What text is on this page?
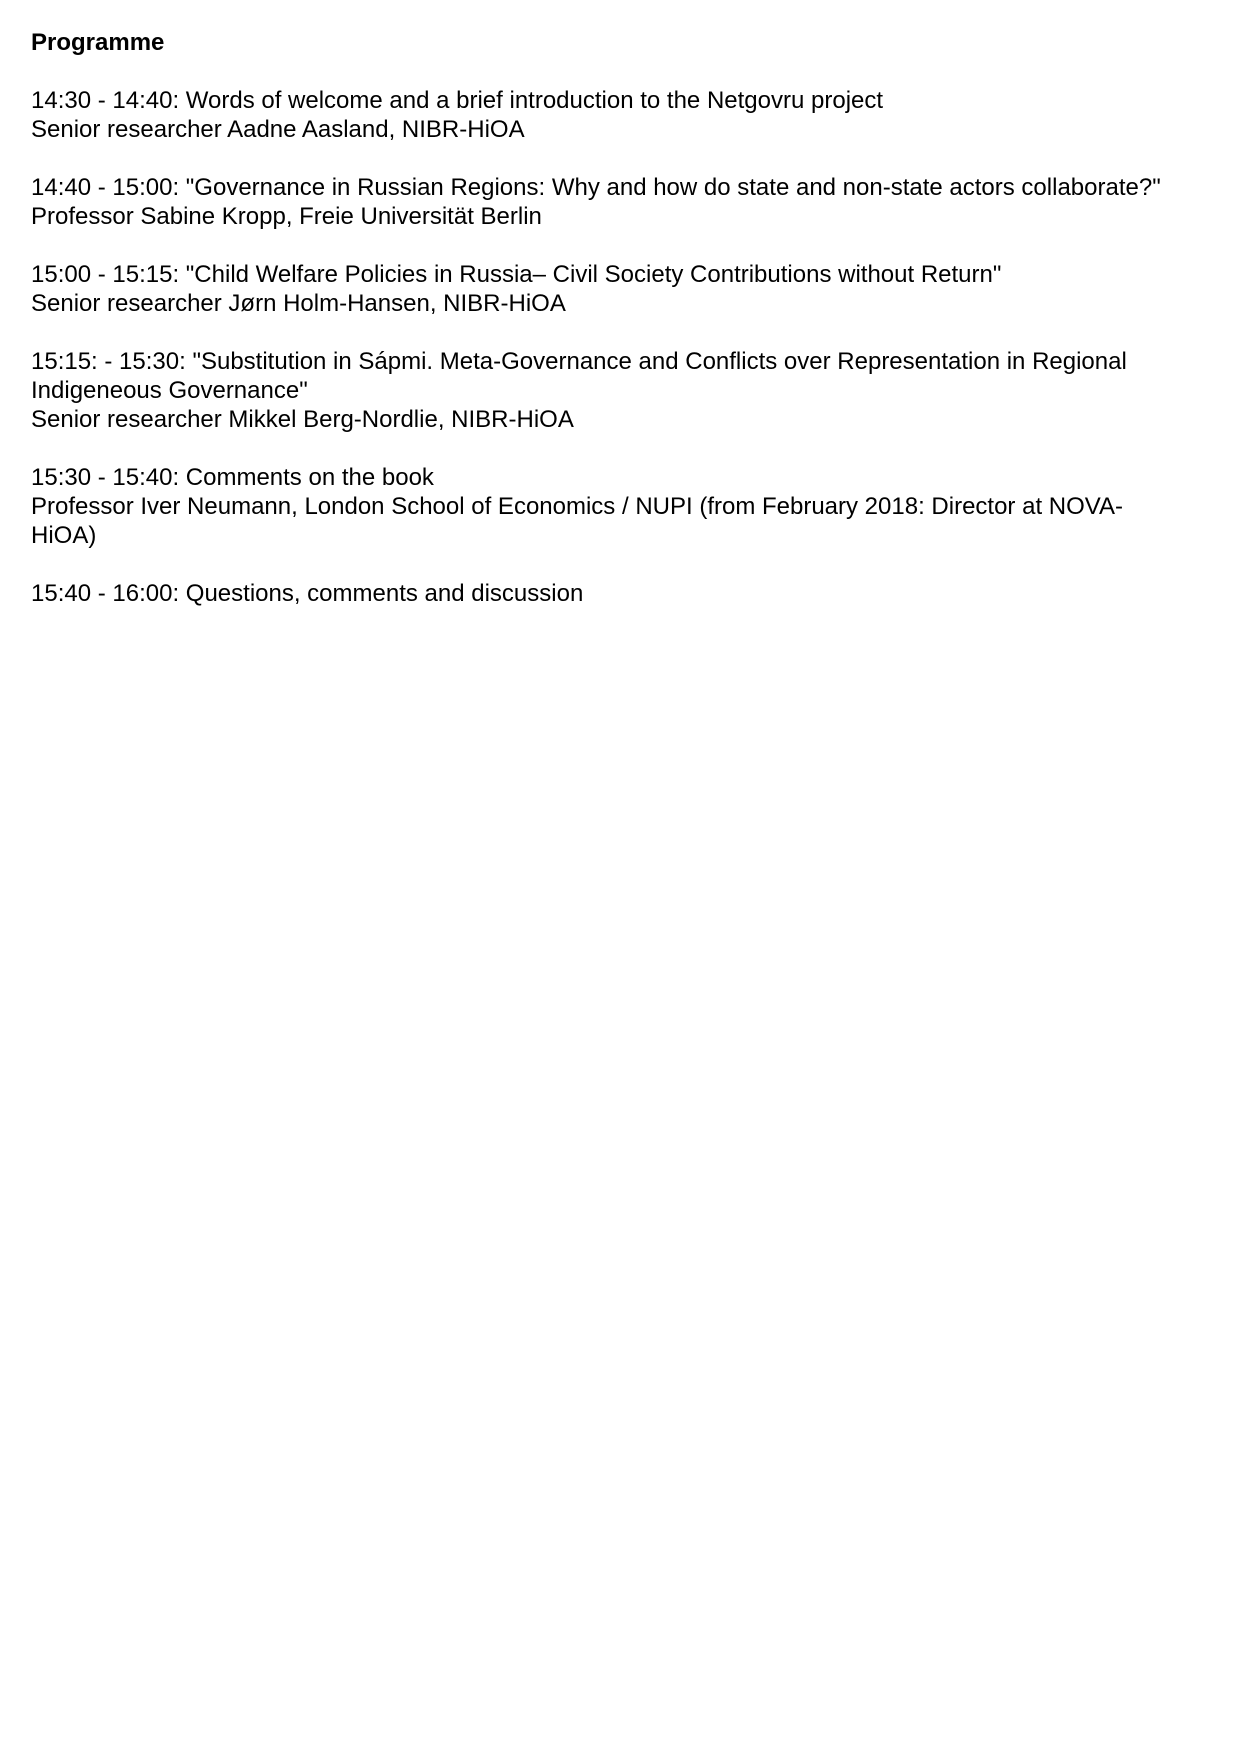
Programme
14:30 - 14:40: Words of welcome and a brief introduction to the Netgovru project
Senior researcher Aadne Aasland, NIBR-HiOA
14:40 - 15:00: "Governance in Russian Regions: Why and how do state and non-state actors collaborate?"
Professor Sabine Kropp, Freie Universität Berlin
15:00 - 15:15: "Child Welfare Policies in Russia– Civil Society Contributions without Return"
Senior researcher Jørn Holm-Hansen, NIBR-HiOA
15:15: - 15:30: "Substitution in Sápmi. Meta-Governance and Conflicts over Representation in Regional
Indigeneous Governance"
Senior researcher Mikkel Berg-Nordlie, NIBR-HiOA
15:30 - 15:40: Comments on the book
Professor Iver Neumann, London School of Economics / NUPI (from February 2018: Director at NOVA-
HiOA)
15:40 - 16:00: Questions, comments and discussion
